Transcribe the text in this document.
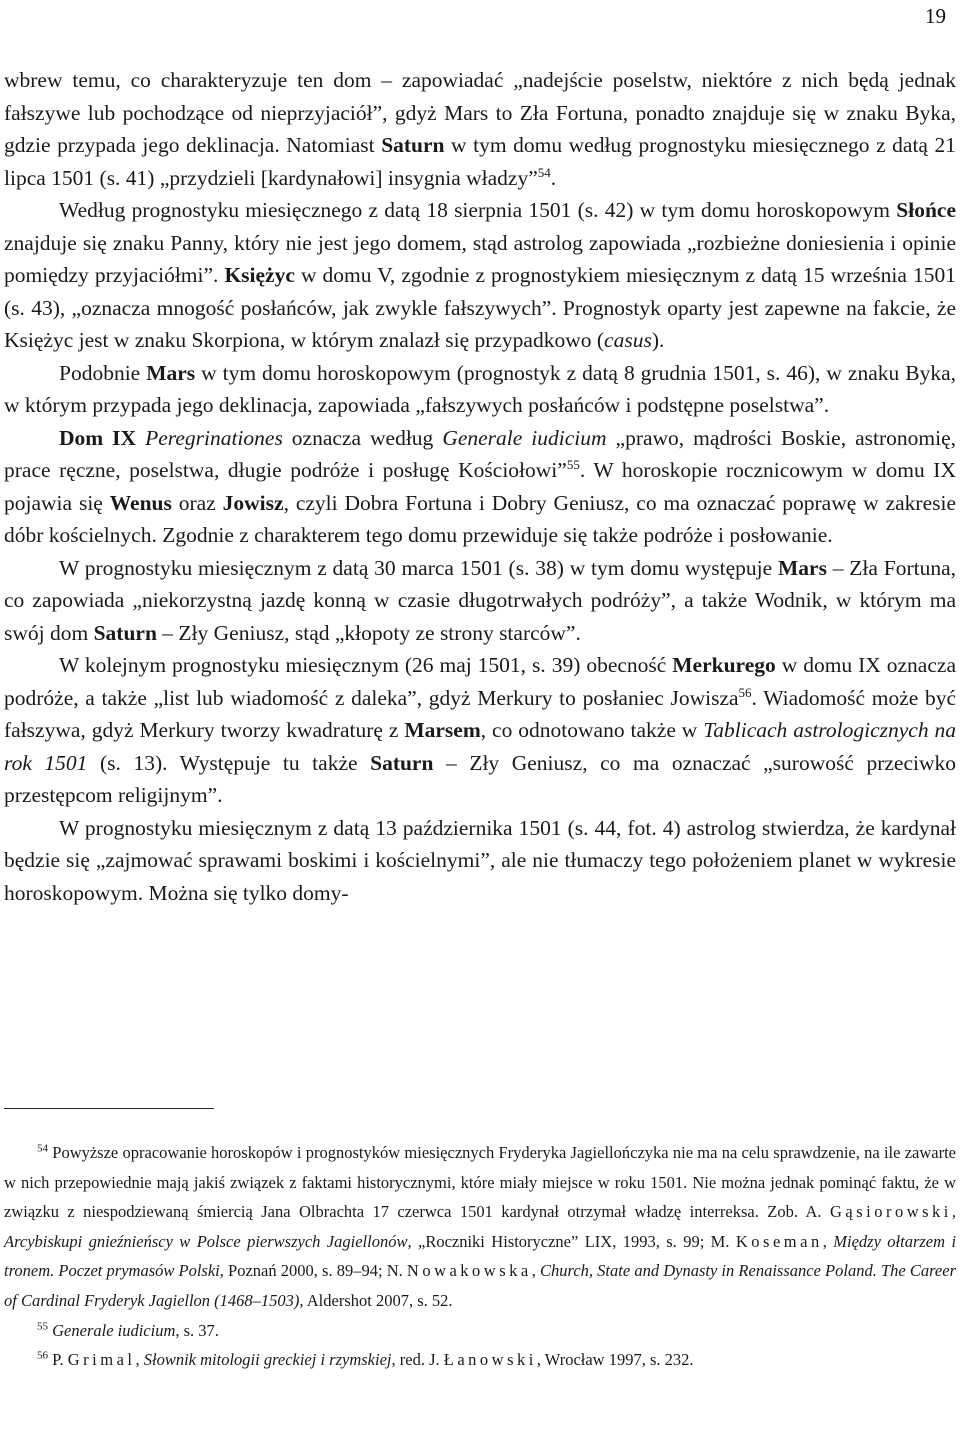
19

wbrew temu, co charakteryzuje ten dom – zapowiadać „nadejście poselstw, niektóre z nich będą jednak fałszywe lub pochodzące od nieprzyjaciół”, gdyż Mars to Zła Fortuna, ponadto znajduje się w znaku Byka, gdzie przypada jego deklinacja. Natomiast Saturn w tym domu według prognostyku miesięcznego z datą 21 lipca 1501 (s. 41) „przydzieli [kardynałowi] insygnia władzy”$^{54}$.

Według prognostyku miesięcznego z datą 18 sierpnia 1501 (s. 42) w tym domu horoskopowym Słońce znajduje się znaku Panny, który nie jest jego domem, stąd astrolog zapowiada „rozbieżne doniesienia i opinie pomiędzy przyjaciółmi”. Księżyc w domu V, zgodnie z prognostykiem miesięcznym z datą 15 września 1501 (s. 43), „oznacza mnogość posłańców, jak zwykle fałszywych”. Prognostyk oparty jest zapewne na fakcie, że Księżyc jest w znaku Skorpiona, w którym znalazł się przypadkowo (casus).

Podobnie Mars w tym domu horoskopowym (prognostyk z datą 8 grudnia 1501, s. 46), w znaku Byka, w którym przypada jego deklinacja, zapowiada „fałszywych posłańców i podstępne poselstwa”.

Dom IX Peregrinationes oznacza według Generale iudicium „prawo, mądrości Boskie, astronomię, prace ręczne, poselstwa, długie podróże i posługę Kościołowi”$^{55}$. W horoskopie rocznicowym w domu IX pojawia się Wenus oraz Jowisz, czyli Dobra Fortuna i Dobry Geniusz, co ma oznaczać poprawę w zakresie dóbr kościelnych. Zgodnie z charakterem tego domu przewiduje się także podróże i posłowanie.

W prognostyku miesięcznym z datą 30 marca 1501 (s. 38) w tym domu występuje Mars – Zła Fortuna, co zapowiada „niekorzystną jazdę konną w czasie długotrwałych podróży”, a także Wodnik, w którym ma swój dom Saturn – Zły Geniusz, stąd „kłopoty ze strony starców”.

W kolejnym prognostyku miesięcznym (26 maj 1501, s. 39) obecność Merkurego w domu IX oznacza podróże, a także „list lub wiadomość z daleka”, gdyż Merkury to posłaniec Jowisza$^{56}$. Wiadomość może być fałszywa, gdyż Merkury tworzy kwadraturę z Marsem, co odnotowano także w Tablicach astrologicznych na rok 1501 (s. 13). Występuje tu także Saturn – Zły Geniusz, co ma oznaczać „surowość przeciwko przestępcom religijnym”.

W prognostyku miesięcznym z datą 13 października 1501 (s. 44, fot. 4) astrolog stwierdza, że kardynał będzie się „zajmować sprawami boskimi i kościelnymi”, ale nie tłumaczy tego położeniem planet w wykresie horoskopowym. Można się tylko domy-

$^{54}$ Powyższe opracowanie horoskopów i prognostyków miesięcznych Fryderyka Jagiellończyka nie ma na celu sprawdzenie, na ile zawarte w nich przepowiednie mają jakiś związek z faktami historycznymi, które miały miejsce w roku 1501. Nie można jednak pominąć faktu, że w związku z niespodziewaną śmiercią Jana Olbrachta 17 czerwca 1501 kardynał otrzymał władzę interreksa. Zob. A. Gąsiorowski, Arcybiskupi gnieźnieńscy w Polsce pierwszych Jagiellonów, „Roczniki Historyczne” LIX, 1993, s. 99; M. Koseman, Między ołtarzem i tronem. Poczet prymasów Polski, Poznań 2000, s. 89–94; N. Nowakowska, Church, State and Dynasty in Renaissance Poland. The Career of Cardinal Fryderyk Jagiellon (1468–1503), Aldershot 2007, s. 52.

$^{55}$ Generale iudicium, s. 37.

$^{56}$ P. Grimal, Słownik mitologii greckiej i rzymskiej, red. J. Łanowski, Wrocław 1997, s. 232.
